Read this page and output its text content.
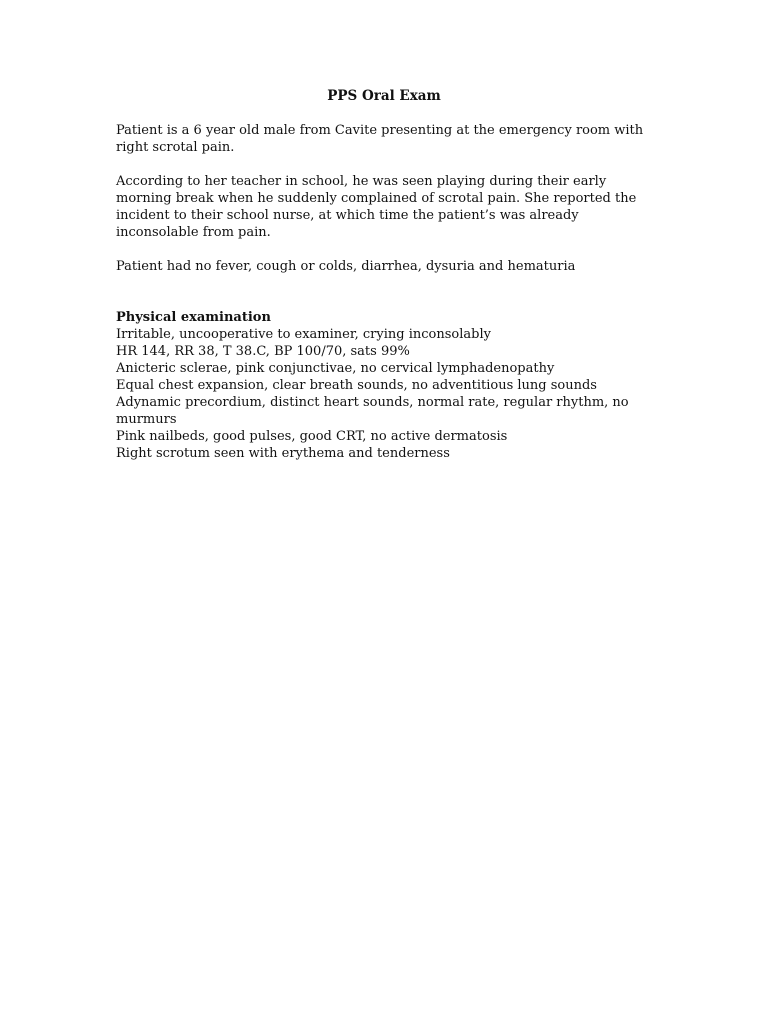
PPS Oral Exam

Patient is a 6 year old male from Cavite presenting at the emergency room with right scrotal pain.

According to her teacher in school, he was seen playing during their early morning break when he suddenly complained of scrotal pain. She reported the incident to their school nurse, at which time the patient’s was already inconsolable from pain.

Patient had no fever, cough or colds, diarrhea, dysuria and hematuria

Physical examination

Irritable, uncooperative to examiner, crying inconsolably

HR 144, RR 38, T 38.C, BP 100/70, sats 99%

Anicteric sclerae, pink conjunctivae, no cervical lymphadenopathy

Equal chest expansion, clear breath sounds, no adventitious lung sounds

Adynamic precordium, distinct heart sounds, normal rate, regular rhythm, no murmurs

Pink nailbeds, good pulses, good CRT, no active dermatosis

Right scrotum seen with erythema and tenderness
